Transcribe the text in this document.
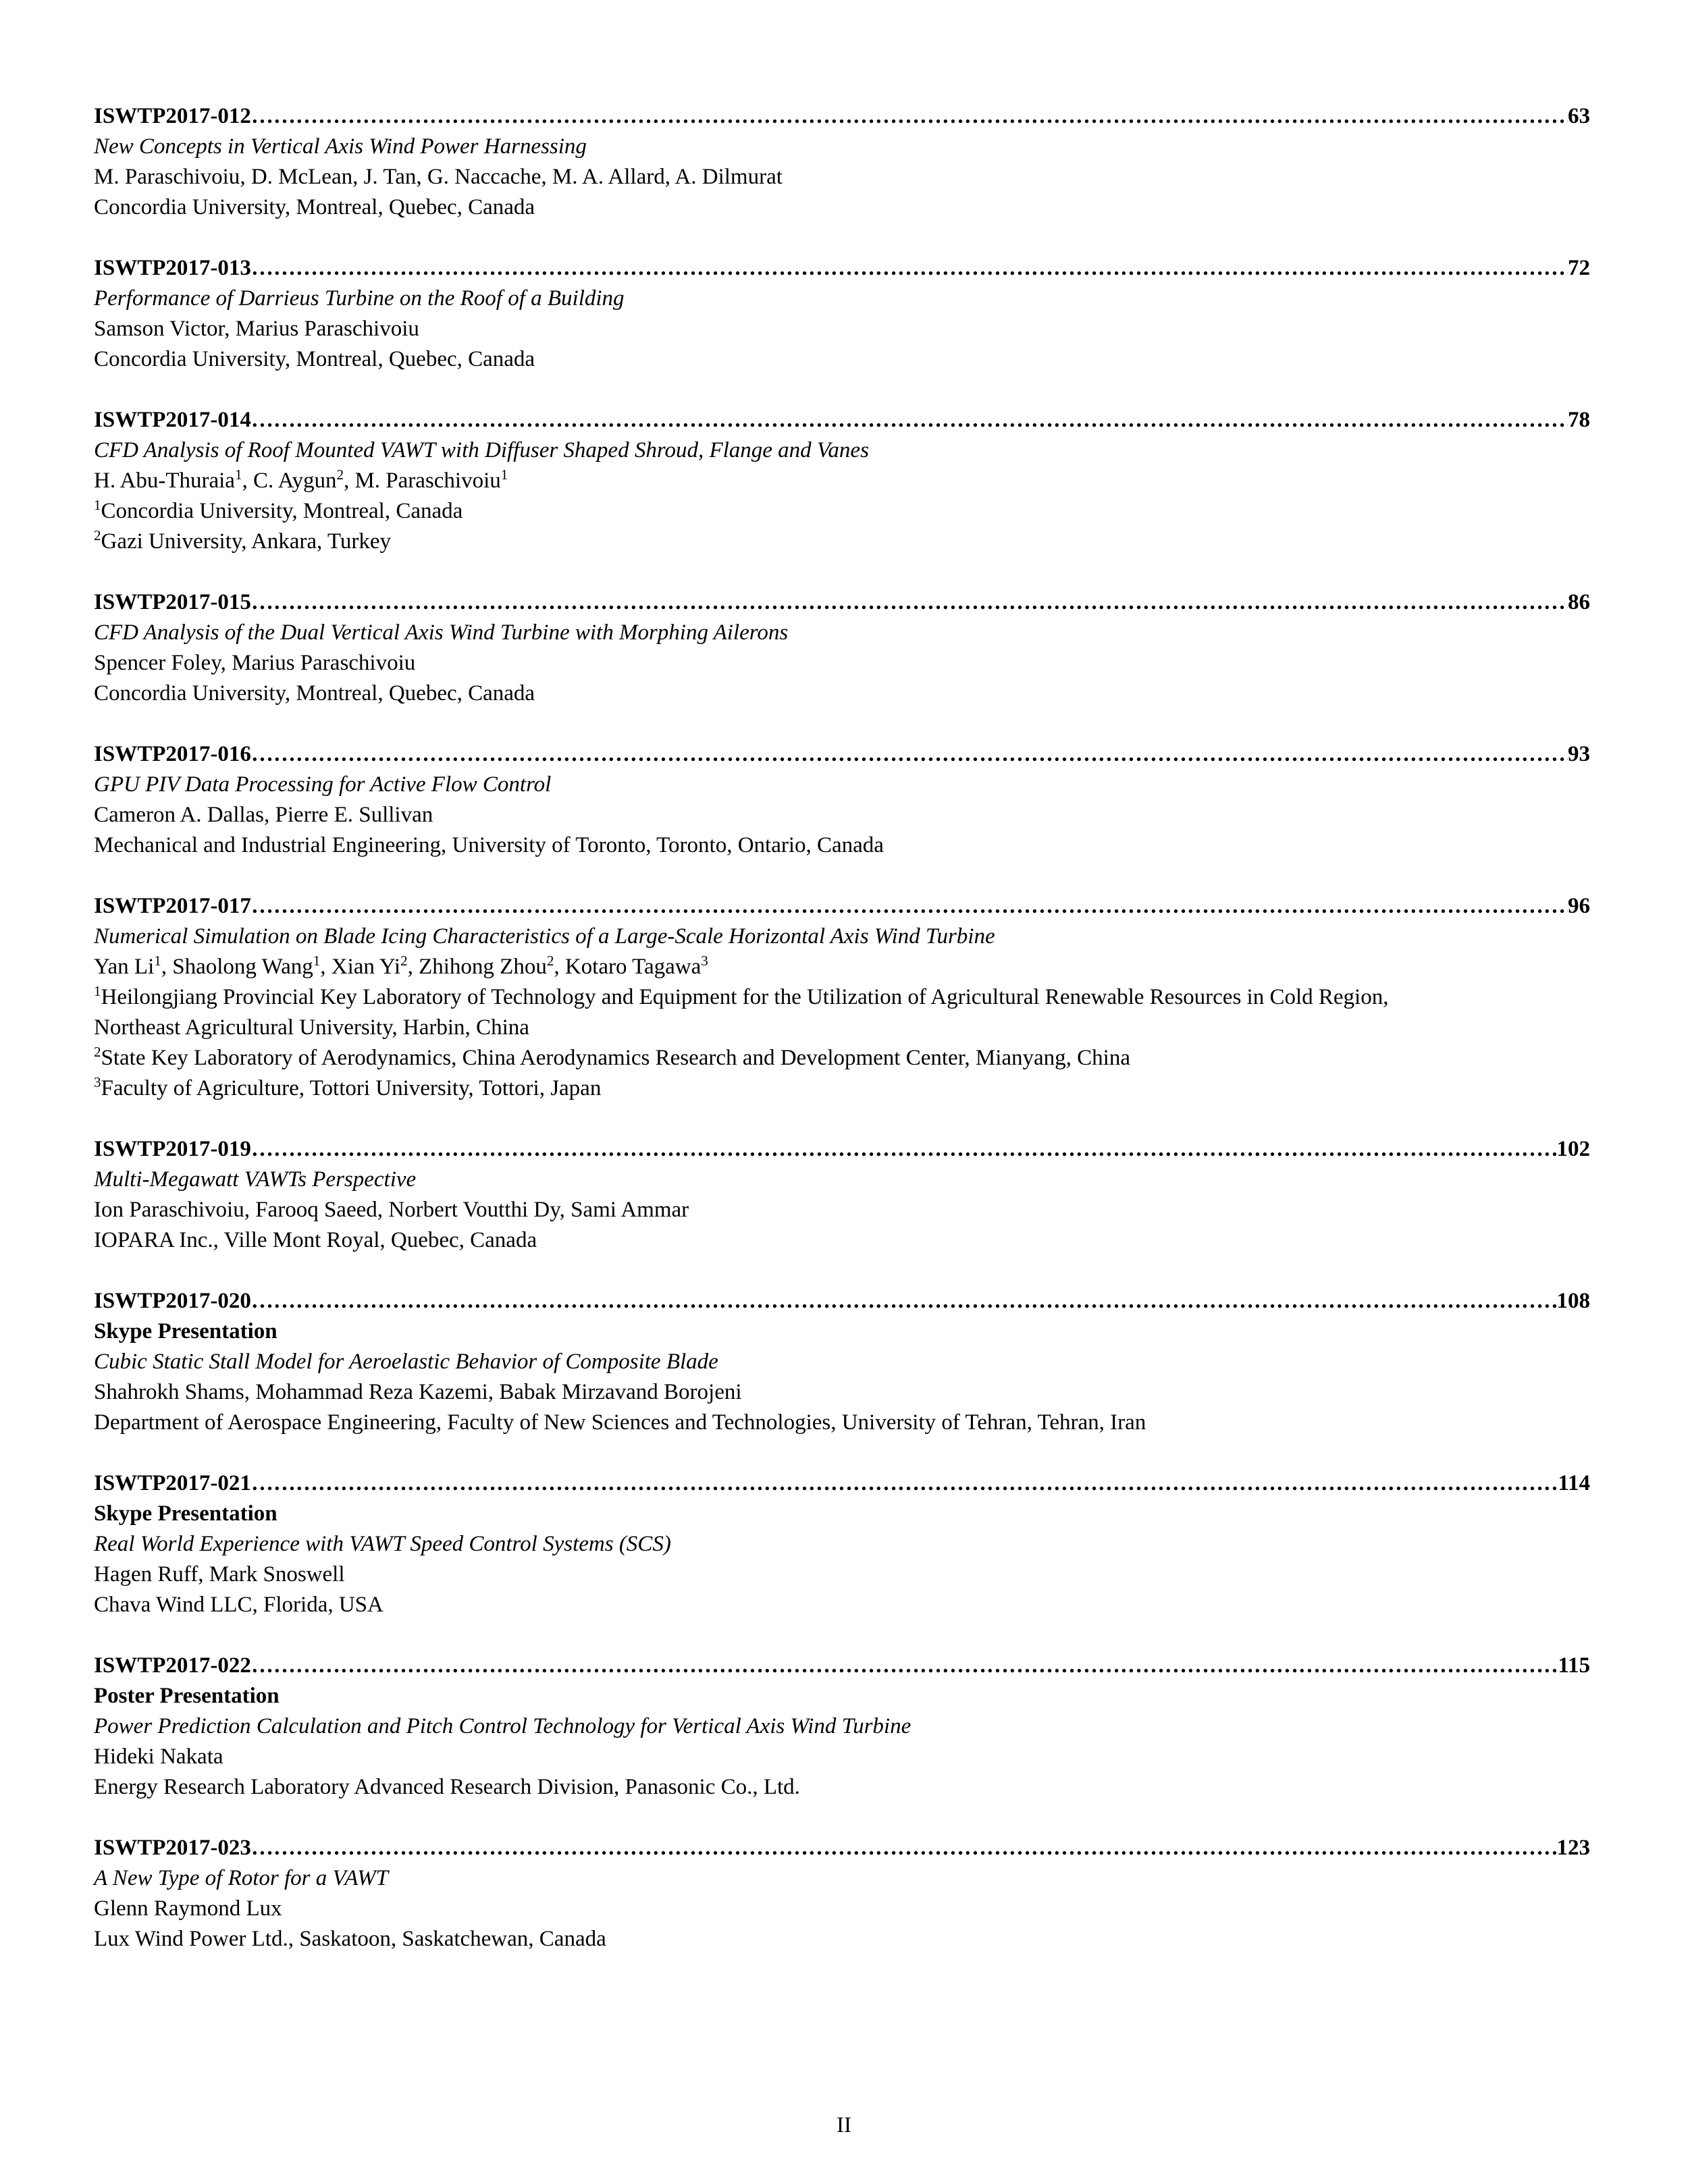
ISWTP2017-012 ……………………………………………………………………………………………………………………………………………………………………………………………………………………………………………………………………………………………………………………………………………………	63
New Concepts in Vertical Axis Wind Power Harnessing
M. Paraschivoiu, D. McLean, J. Tan, G. Naccache, M. A. Allard, A. Dilmurat
Concordia University, Montreal, Quebec, Canada
ISWTP2017-013 ……………………………………………………………………………………………………………………………………………………………………………………………………………………………………………………………………………………………………………………………………………………	72
Performance of Darrieus Turbine on the Roof of a Building
Samson Victor, Marius Paraschivoiu
Concordia University, Montreal, Quebec, Canada
ISWTP2017-014 ……………………………………………………………………………………………………………………………………………………………………………………………………………………………………………………………………………………………………………………………………………………	78
CFD Analysis of Roof Mounted VAWT with Diffuser Shaped Shroud, Flange and Vanes
H. Abu-Thuraia$^1$, C. Aygun$^2$, M. Paraschivoiu$^1$
$^1$Concordia University, Montreal, Canada
$^2$Gazi University, Ankara, Turkey
ISWTP2017-015 ……………………………………………………………………………………………………………………………………………………………………………………………………………………………………………………………………………………………………………………………………………………	86
CFD Analysis of the Dual Vertical Axis Wind Turbine with Morphing Ailerons
Spencer Foley, Marius Paraschivoiu
Concordia University, Montreal, Quebec, Canada
ISWTP2017-016 ……………………………………………………………………………………………………………………………………………………………………………………………………………………………………………………………………………………………………………………………………………………	93
GPU PIV Data Processing for Active Flow Control
Cameron A. Dallas, Pierre E. Sullivan
Mechanical and Industrial Engineering, University of Toronto, Toronto, Ontario, Canada
ISWTP2017-017 ……………………………………………………………………………………………………………………………………………………………………………………………………………………………………………………………………………………………………………………………………………………	96
Numerical Simulation on Blade Icing Characteristics of a Large-Scale Horizontal Axis Wind Turbine
Yan Li$^1$, Shaolong Wang$^1$, Xian Yi$^2$, Zhihong Zhou$^2$, Kotaro Tagawa$^3$
$^1$Heilongjiang Provincial Key Laboratory of Technology and Equipment for the Utilization of Agricultural Renewable Resources in Cold Region,
Northeast Agricultural University, Harbin, China
$^2$State Key Laboratory of Aerodynamics, China Aerodynamics Research and Development Center, Mianyang, China
$^3$Faculty of Agriculture, Tottori University, Tottori, Japan
ISWTP2017-019 ……………………………………………………………………………………………………………………………………………………………………………………………………………………………………………………………………………………………………………………………………………………	102
Multi-Megawatt VAWTs Perspective
Ion Paraschivoiu, Farooq Saeed, Norbert Voutthi Dy, Sami Ammar
IOPARA Inc., Ville Mont Royal, Quebec, Canada
ISWTP2017-020 ……………………………………………………………………………………………………………………………………………………………………………………………………………………………………………………………………………………………………………………………………………………	108
Skype Presentation
Cubic Static Stall Model for Aeroelastic Behavior of Composite Blade
Shahrokh Shams, Mohammad Reza Kazemi, Babak Mirzavand Borojeni
Department of Aerospace Engineering, Faculty of New Sciences and Technologies, University of Tehran, Tehran, Iran
ISWTP2017-021 ……………………………………………………………………………………………………………………………………………………………………………………………………………………………………………………………………………………………………………………………………………………	114
Skype Presentation
Real World Experience with VAWT Speed Control Systems (SCS)
Hagen Ruff, Mark Snoswell
Chava Wind LLC, Florida, USA
ISWTP2017-022 ……………………………………………………………………………………………………………………………………………………………………………………………………………………………………………………………………………………………………………………………………………………	115
Poster Presentation
Power Prediction Calculation and Pitch Control Technology for Vertical Axis Wind Turbine
Hideki Nakata
Energy Research Laboratory Advanced Research Division, Panasonic Co., Ltd.
ISWTP2017-023 ……………………………………………………………………………………………………………………………………………………………………………………………………………………………………………………………………………………………………………………………………………………	123
A New Type of Rotor for a VAWT
Glenn Raymond Lux
Lux Wind Power Ltd., Saskatoon, Saskatchewan, Canada
II
